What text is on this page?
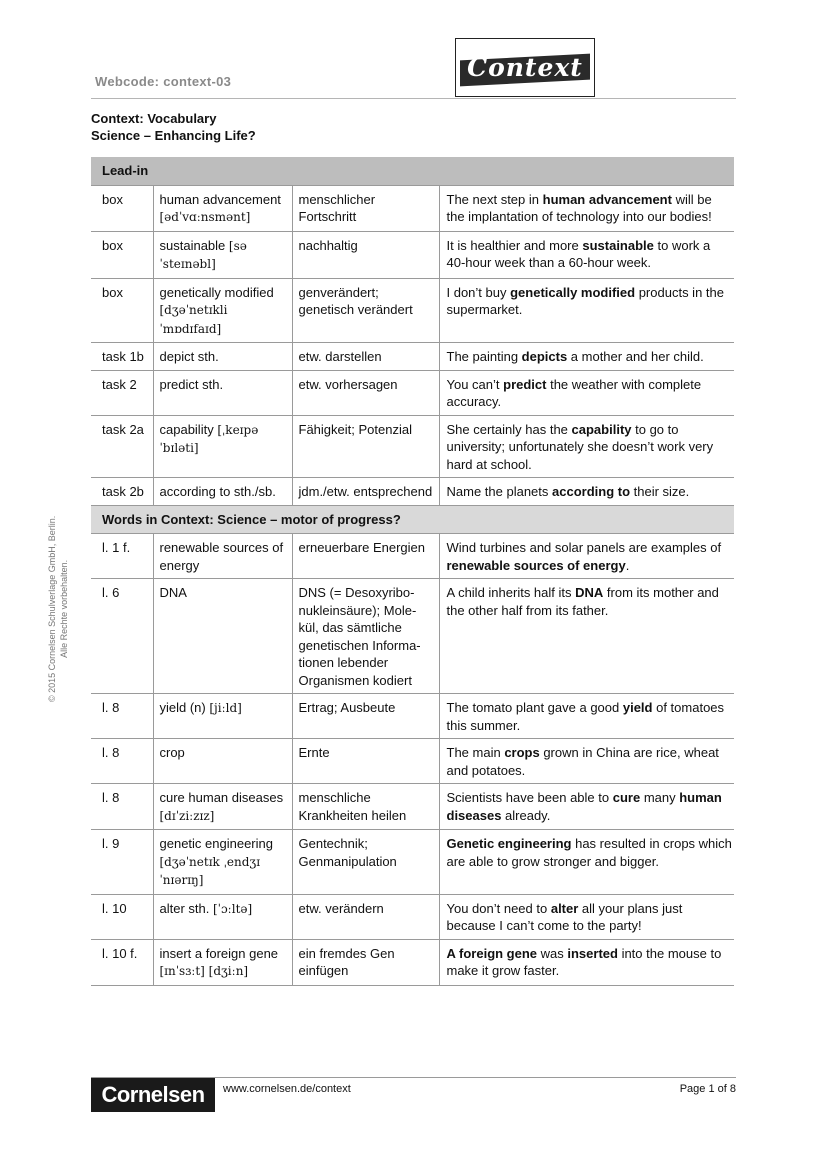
Webcode: context-03	Context
Context: Vocabulary
Science – Enhancing Life?
Lead-in			
box	human advancement [ədˈvɑːnsmənt]	menschlicher Fortschritt	The next step in human advancement will be the implantation of technology into our bodies!
box	sustainable [səˈsteɪnəbl]	nachhaltig	It is healthier and more sustainable to work a 40-hour week than a 60-hour week.
box	genetically modified [dʒəˈnetɪkli ˈmɒdɪfaɪd]	genverändert; genetisch verändert	I don’t buy genetically modified products in the supermarket.
task 1b	depict sth.	etw. darstellen	The painting depicts a mother and her child.
task 2	predict sth.	etw. vorhersagen	You can’t predict the weather with complete accuracy.
task 2a	capability [ˌkeɪpəˈbɪləti]	Fähigkeit; Potenzial	She certainly has the capability to go to university; unfortunately she doesn’t work very hard at school.
task 2b	according to sth./sb.	jdm./etw. entsprechend	Name the planets according to their size.
Words in Context: Science – motor of progress?			
l. 1 f.	renewable sources of energy	erneuerbare Energien	Wind turbines and solar panels are examples of renewable sources of energy.
l. 6	DNA	DNS (= Desoxyribo-nukleinsäure); Mole-kül, das sämtliche genetischen Informa-tionen lebender Organismen kodiert	A child inherits half its DNA from its mother and the other half from its father.
l. 8	yield (n) [jiːld]	Ertrag; Ausbeute	The tomato plant gave a good yield of tomatoes this summer.
l. 8	crop	Ernte	The main crops grown in China are rice, wheat and potatoes.
l. 8	cure human diseases [dɪˈziːzɪz]	menschliche Krankheiten heilen	Scientists have been able to cure many human diseases already.
l. 9	genetic engineering [dʒəˈnetɪk ˌendʒɪˈnɪərɪŋ]	Gentechnik; Genmanipulation	Genetic engineering has resulted in crops which are able to grow stronger and bigger.
l. 10	alter sth. [ˈɔːltə]	etw. verändern	You don’t need to alter all your plans just because I can’t come to the party!
l. 10 f.	insert a foreign gene [ɪnˈsɜːt] [dʒiːn]	ein fremdes Gen einfügen	A foreign gene was inserted into the mouse to make it grow faster.
© 2015 Cornelsen Schulverlage GmbH, Berlin. Alle Rechte vorbehalten.
Cornelsen	www.cornelsen.de/context	Page 1 of 8
